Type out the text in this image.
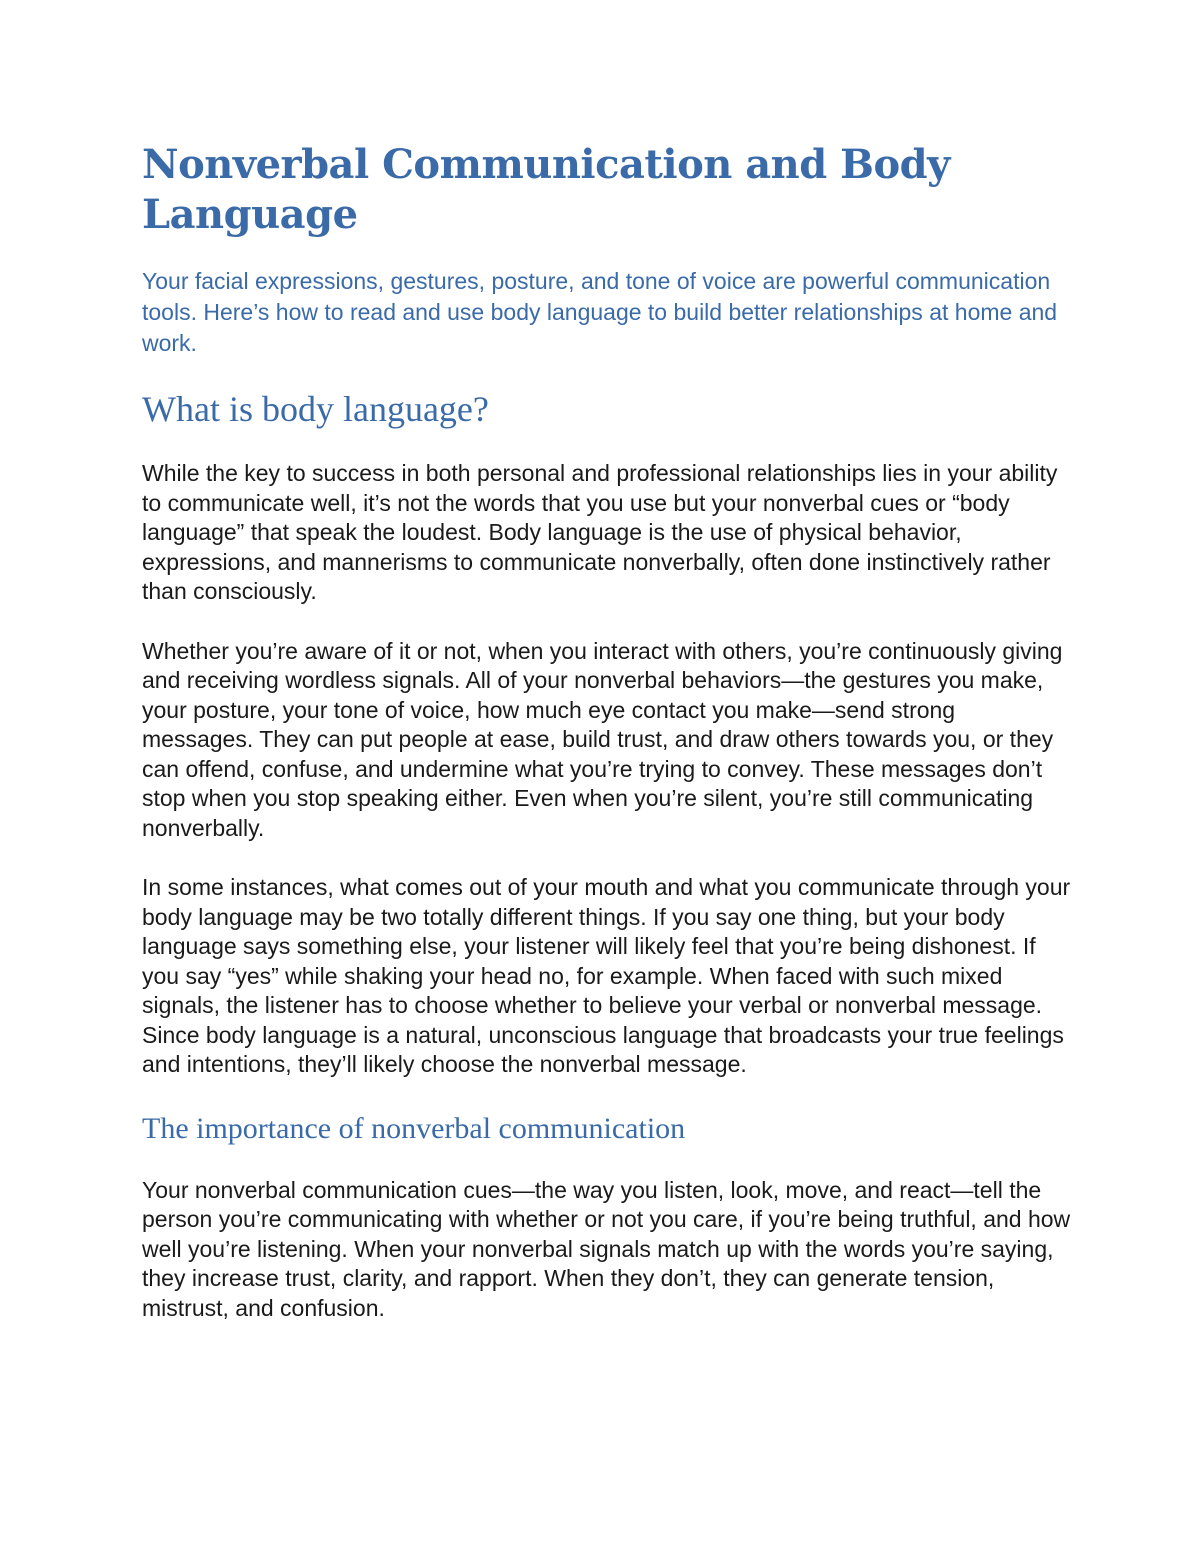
Nonverbal Communication and Body Language

Your facial expressions, gestures, posture, and tone of voice are powerful communication tools. Here’s how to read and use body language to build better relationships at home and work.

What is body language?

While the key to success in both personal and professional relationships lies in your ability to communicate well, it’s not the words that you use but your nonverbal cues or “body language” that speak the loudest. Body language is the use of physical behavior, expressions, and mannerisms to communicate nonverbally, often done instinctively rather than consciously.

Whether you’re aware of it or not, when you interact with others, you’re continuously giving and receiving wordless signals. All of your nonverbal behaviors—the gestures you make, your posture, your tone of voice, how much eye contact you make—send strong messages. They can put people at ease, build trust, and draw others towards you, or they can offend, confuse, and undermine what you’re trying to convey. These messages don’t stop when you stop speaking either. Even when you’re silent, you’re still communicating nonverbally.

In some instances, what comes out of your mouth and what you communicate through your body language may be two totally different things. If you say one thing, but your body language says something else, your listener will likely feel that you’re being dishonest. If you say “yes” while shaking your head no, for example. When faced with such mixed signals, the listener has to choose whether to believe your verbal or nonverbal message. Since body language is a natural, unconscious language that broadcasts your true feelings and intentions, they’ll likely choose the nonverbal message.

The importance of nonverbal communication

Your nonverbal communication cues—the way you listen, look, move, and react—tell the person you’re communicating with whether or not you care, if you’re being truthful, and how well you’re listening. When your nonverbal signals match up with the words you’re saying, they increase trust, clarity, and rapport. When they don’t, they can generate tension, mistrust, and confusion.
